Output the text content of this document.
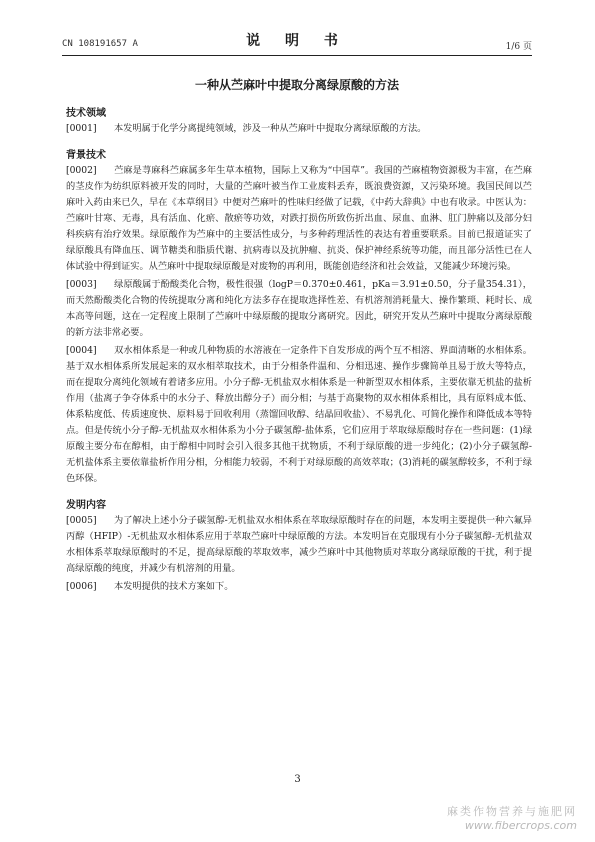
CN 108191657 A	说 明 书	1/6 页
一种从苎麻叶中提取分离绿原酸的方法
技术领域
[0001] 本发明属于化学分离提纯领域，涉及一种从苎麻叶中提取分离绿原酸的方法。
背景技术
[0002] 苎麻是荨麻科苎麻属多年生草本植物，国际上又称为“中国草”。我国的苎麻植物资源极为丰富，在苎麻的茎皮作为纺织原料被开发的同时，大量的苎麻叶被当作工业废料丢弃，既浪费资源，又污染环境。我国民间以苎麻叶入药由来已久，早在《本草纲目》中便对苎麻叶的性味归经做了记载，《中药大辞典》中也有收录。中医认为：苎麻叶甘寒、无毒，具有活血、化瘀、散瘀等功效，对跌打损伤所致伤折出血、尿血、血淋、肛门肿痛以及部分妇科疾病有治疗效果。绿原酸作为苎麻中的主要活性成分，与多种药理活性的表达有着重要联系。目前已报道证实了绿原酸具有降血压、调节糖类和脂质代谢、抗病毒以及抗肿瘤、抗炎、保护神经系统等功能，而且部分活性已在人体试验中得到证实。从苎麻叶中提取绿原酸是对废物的再利用，既能创造经济和社会效益，又能减少环境污染。
[0003] 绿原酸属于酚酸类化合物，极性很强（logP＝0.370±0.461，pKa＝3.91±0.50，分子量354.31），而天然酚酸类化合物的传统提取分离和纯化方法多存在提取选择性差、有机溶剂消耗量大、操作繁琐、耗时长、成本高等问题，这在一定程度上限制了苎麻叶中绿原酸的提取分离研究。因此，研究开发从苎麻叶中提取分离绿原酸的新方法非常必要。
[0004] 双水相体系是一种或几种物质的水溶液在一定条件下自发形成的两个互不相溶、界面清晰的水相体系。基于双水相体系所发展起来的双水相萃取技术，由于分相条件温和、分相迅速、操作步骤简单且易于放大等特点，而在提取分离纯化领域有着诸多应用。小分子醇-无机盐双水相体系是一种新型双水相体系，主要依靠无机盐的盐析作用（盐离子争夺体系中的水分子、释放出醇分子）而分相；与基于高聚物的双水相体系相比，具有原料成本低、体系粘度低、传质速度快、原料易于回收利用（蒸馏回收醇、结晶回收盐）、不易乳化、可简化操作和降低成本等特点。但是传统小分子醇-无机盐双水相体系为小分子碳氢醇-盐体系，它们应用于萃取绿原酸时存在一些问题：(1)绿原酸主要分布在醇相，由于醇相中同时会引入很多其他干扰物质，不利于绿原酸的进一步纯化；(2)小分子碳氢醇-无机盐体系主要依靠盐析作用分相，分相能力较弱，不利于对绿原酸的高效萃取；(3)消耗的碳氢醇较多，不利于绿色环保。
发明内容
[0005] 为了解决上述小分子碳氢醇-无机盐双水相体系在萃取绿原酸时存在的问题，本发明主要提供一种六氟异丙醇（HFIP）-无机盐双水相体系应用于萃取苎麻叶中绿原酸的方法。本发明旨在克服现有小分子碳氢醇-无机盐双水相体系萃取绿原酸时的不足，提高绿原酸的萃取效率，减少苎麻叶中其他物质对萃取分离绿原酸的干扰，利于提高绿原酸的纯度，并减少有机溶剂的用量。
[0006] 本发明提供的技术方案如下。
3
麻类作物营养与施肥网
www.fibercrops.com
